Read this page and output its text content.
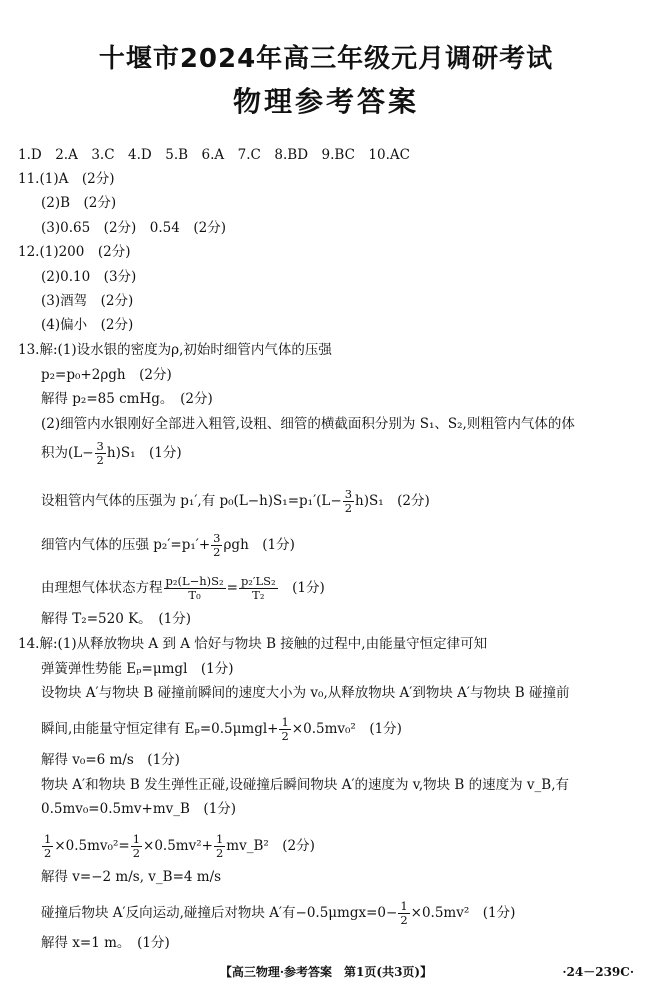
十堰市2024年高三年级元月调研考试
物理参考答案
1.D　2.A　3.C　4.D　5.B　6.A　7.C　8.BD　9.BC　10.AC
11.(1)A　(2分)
(2)B　(2分)
(3)0.65　(2分)　0.54　(2分)
12.(1)200　(2分)
(2)0.10　(3分)
(3)酒驾　(2分)
(4)偏小　(2分)
13.解:(1)设水银的密度为ρ,初始时细管内气体的压强
p₂=p₀+2ρgh　(2分)
解得 p₂=85 cmHg。　(2分)
(2)细管内水银刚好全部进入粗管,设粗、细管的横截面积分别为 S₁、S₂,则粗管内气体的体
积为$(L- \frac{3}{2} h)S_1$　(1分)
设粗管内气体的压强为 p₁′,有 $p_0(L-h)S_1=p_1'(L- \frac{3}{2} h)S_1$　(2分)
细管内气体的压强 $p_2'=p_1'+ \frac{3}{2}$ ρgh　(1分)
由理想气体状态方程 $\frac{\text{p₂(L−h)S₂}}{\text{T₀}} = \frac{\text{p₂′LS₂}}{\text{T₂}}$
　 (1分)
解得 T₂=520 K。　(1分)
14.解:(1)从释放物块 A 到 A 恰好与物块 B 接触的过程中,由能量守恒定律可知
弹簧弹性势能 Eₚ=μmgl　(1分)
设物块 A′与物块 B 碰撞前瞬间的速度大小为 v₀,从释放物块 A′到物块 A′与物块 B 碰撞前
瞬间,由能量守恒定律有 $E_p=0.5\mu mgl+ \frac{1}{2} \times 0.5mv_0^2$　(1分)
解得 v₀=6 m/s　(1分)
物块 A′和物块 B 发生弹性正碰,设碰撞后瞬间物块 A′的速度为 v,物块 B 的速度为 v_B,有
0.5mv₀=0.5mv+mv_B　(1分)
$\frac{1}{2} \times 0.5mv_0^2= \frac{1}{2} \times 0.5mv^2+ \frac{1}{2}$ mv_B²　(2分)
解得 v=−2 m/s, v_B=4 m/s
碰撞后物块 A′反向运动,碰撞后对物块 A′有$-0.5\mu mgx=0- \frac{1}{2} \times 0.5mv^2$　(1分)
解得 x=1 m。　(1分)
【高三物理·参考答案　第1页(共3页)】	·24－239C·
